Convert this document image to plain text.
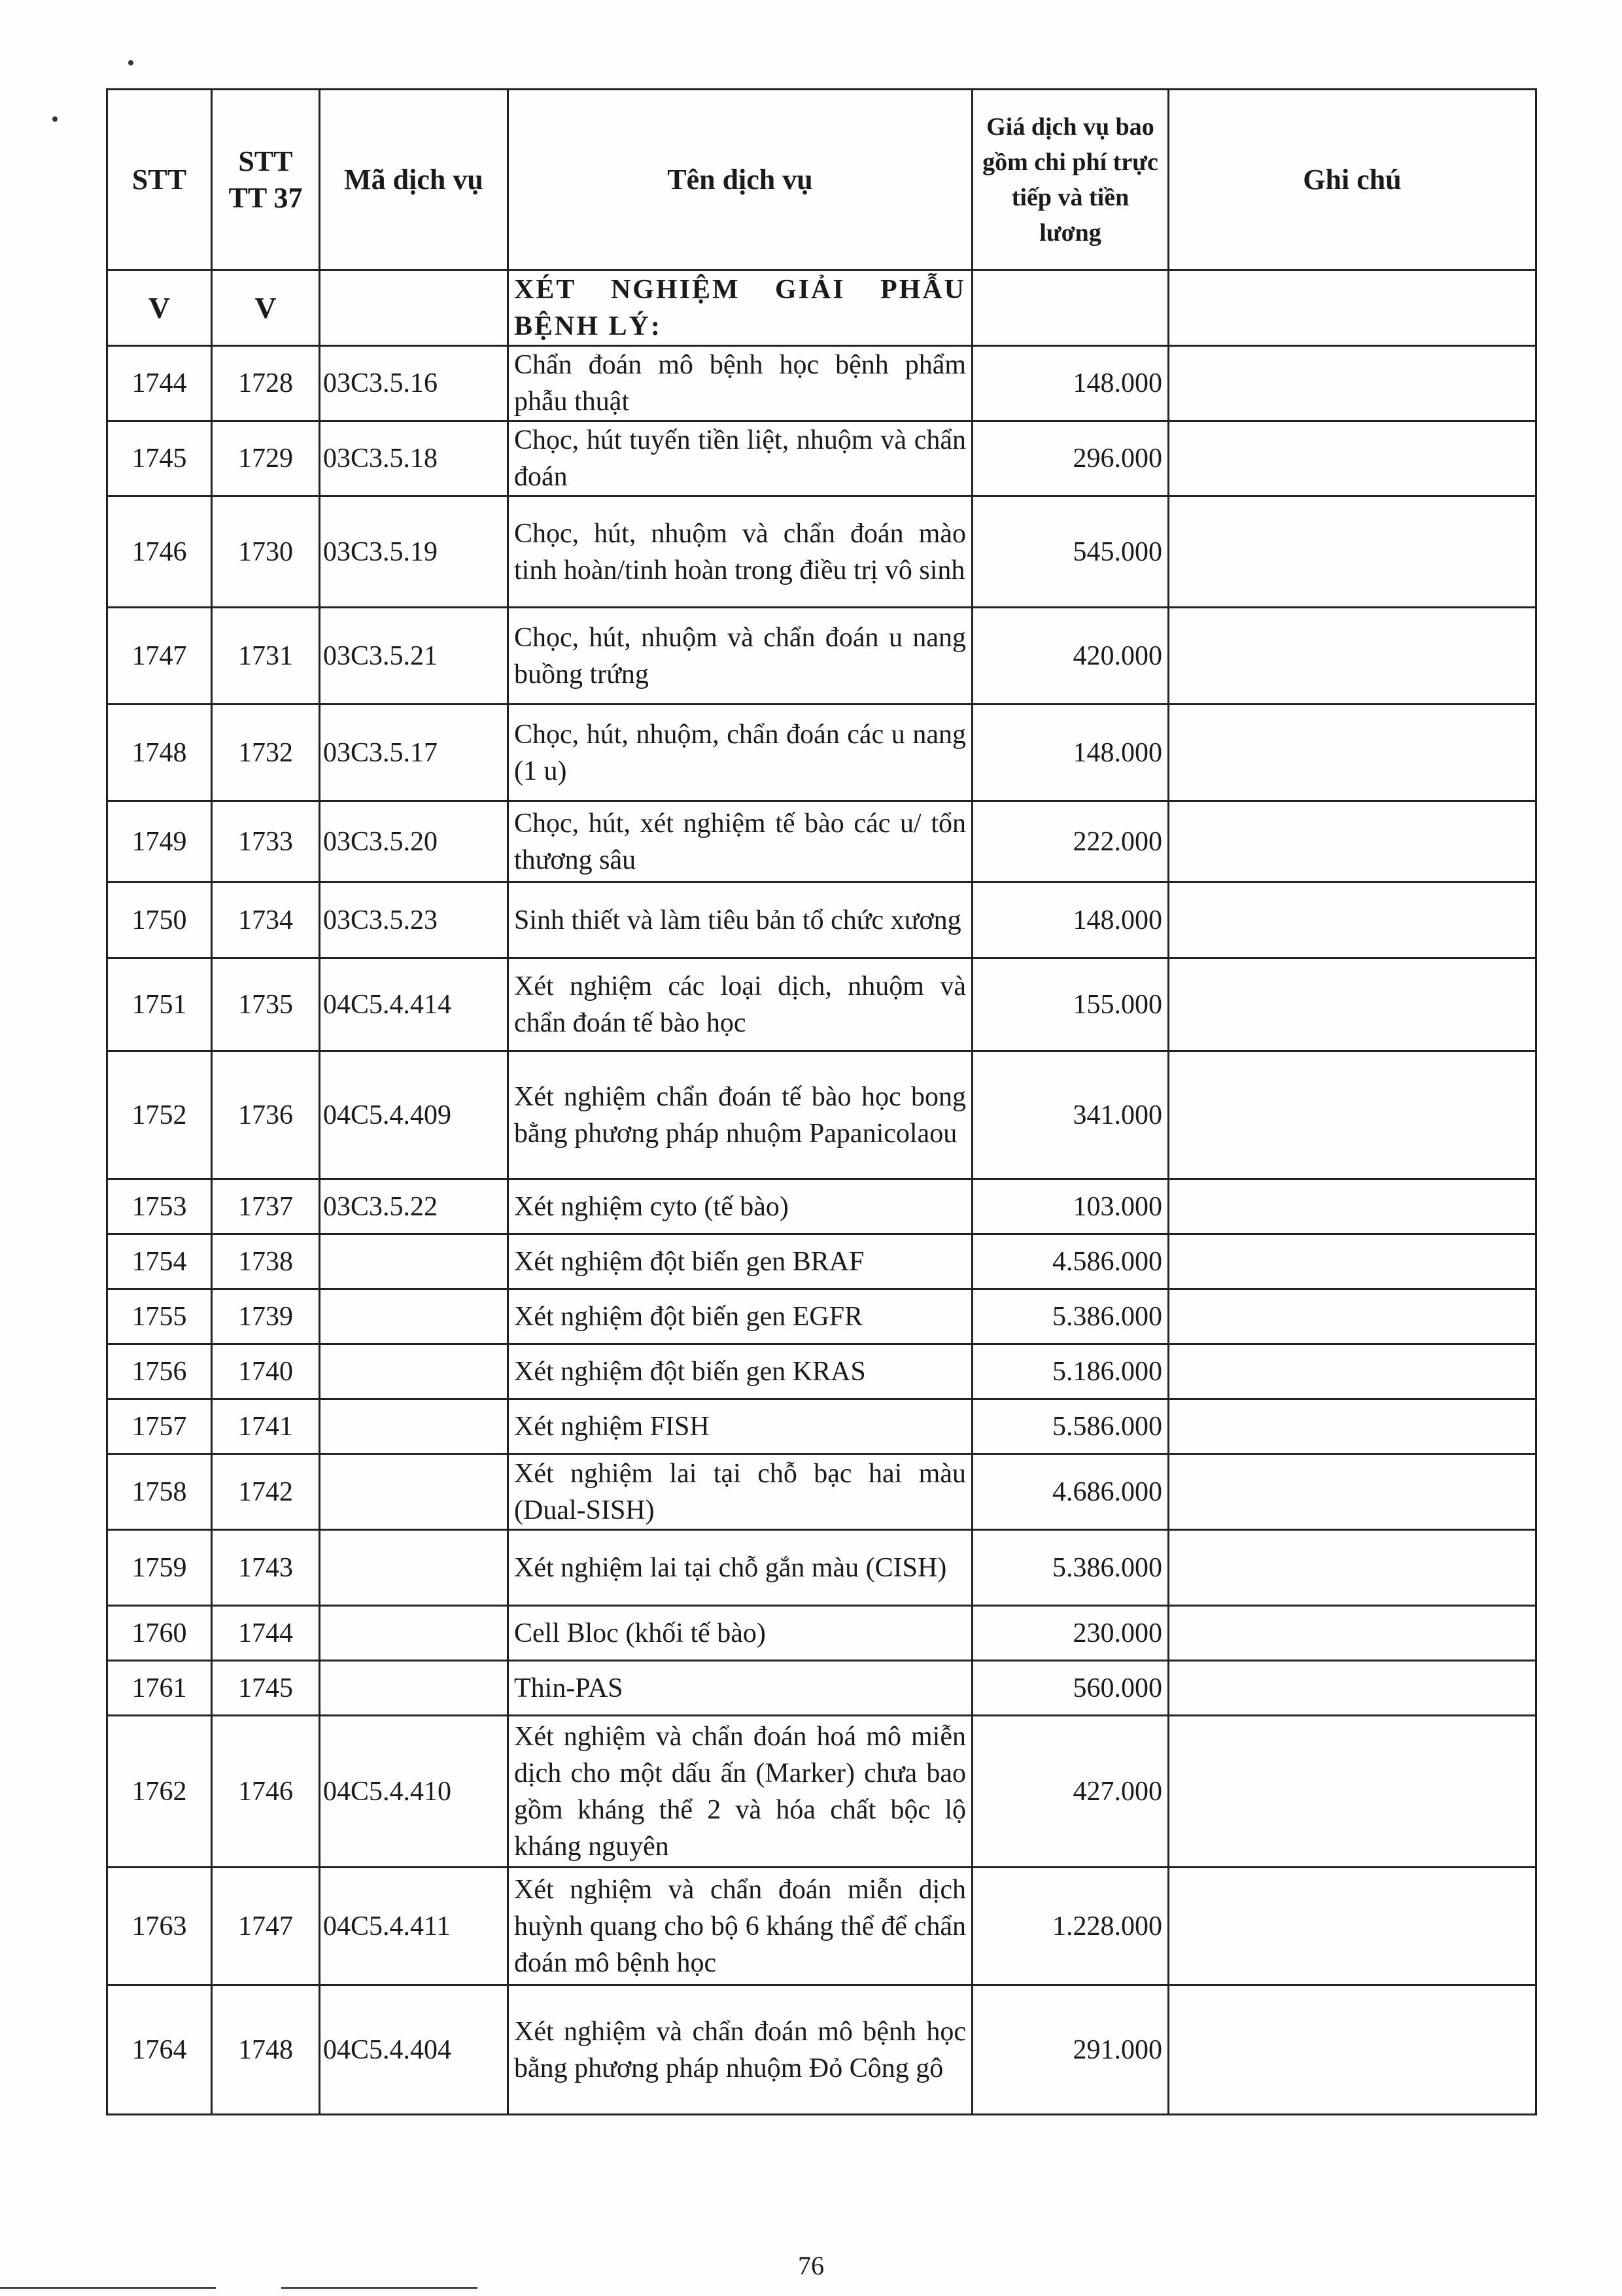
STT	STT TT 37	Mã dịch vụ	Tên dịch vụ	Giá dịch vụ bao gồm chi phí trực tiếp và tiền lương	Ghi chú
V	V		XÉT NGHIỆM GIẢI PHẪU BỆNH LÝ:		
1744	1728	03C3.5.16	Chẩn đoán mô bệnh học bệnh phẩm phẫu thuật	148.000	
1745	1729	03C3.5.18	Chọc, hút tuyến tiền liệt, nhuộm và chẩn đoán	296.000	
1746	1730	03C3.5.19	Chọc, hút, nhuộm và chẩn đoán mào tinh hoàn/tinh hoàn trong điều trị vô sinh	545.000	
1747	1731	03C3.5.21	Chọc, hút, nhuộm và chẩn đoán u nang buồng trứng	420.000	
1748	1732	03C3.5.17	Chọc, hút, nhuộm, chẩn đoán các u nang (1 u)	148.000	
1749	1733	03C3.5.20	Chọc, hút, xét nghiệm tế bào các u/ tổn thương sâu	222.000	
1750	1734	03C3.5.23	Sinh thiết và làm tiêu bản tổ chức xương	148.000	
1751	1735	04C5.4.414	Xét nghiệm các loại dịch, nhuộm và chẩn đoán tế bào học	155.000	
1752	1736	04C5.4.409	Xét nghiệm chẩn đoán tế bào học bong bằng phương pháp nhuộm Papanicolaou	341.000	
1753	1737	03C3.5.22	Xét nghiệm cyto (tế bào)	103.000	
1754	1738		Xét nghiệm đột biến gen BRAF	4.586.000	
1755	1739		Xét nghiệm đột biến gen EGFR	5.386.000	
1756	1740		Xét nghiệm đột biến gen KRAS	5.186.000	
1757	1741		Xét nghiệm FISH	5.586.000	
1758	1742		Xét nghiệm lai tại chỗ bạc hai màu (Dual-SISH)	4.686.000	
1759	1743		Xét nghiệm lai tại chỗ gắn màu (CISH)	5.386.000	
1760	1744		Cell Bloc (khối tế bào)	230.000	
1761	1745		Thin-PAS	560.000	
1762	1746	04C5.4.410	Xét nghiệm và chẩn đoán hoá mô miễn dịch cho một dấu ấn (Marker) chưa bao gồm kháng thể 2 và hóa chất bộc lộ kháng nguyên	427.000	
1763	1747	04C5.4.411	Xét nghiệm và chẩn đoán miễn dịch huỳnh quang cho bộ 6 kháng thể để chẩn đoán mô bệnh học	1.228.000	
1764	1748	04C5.4.404	Xét nghiệm và chẩn đoán mô bệnh học bằng phương pháp nhuộm Đỏ Công gô	291.000	
76
